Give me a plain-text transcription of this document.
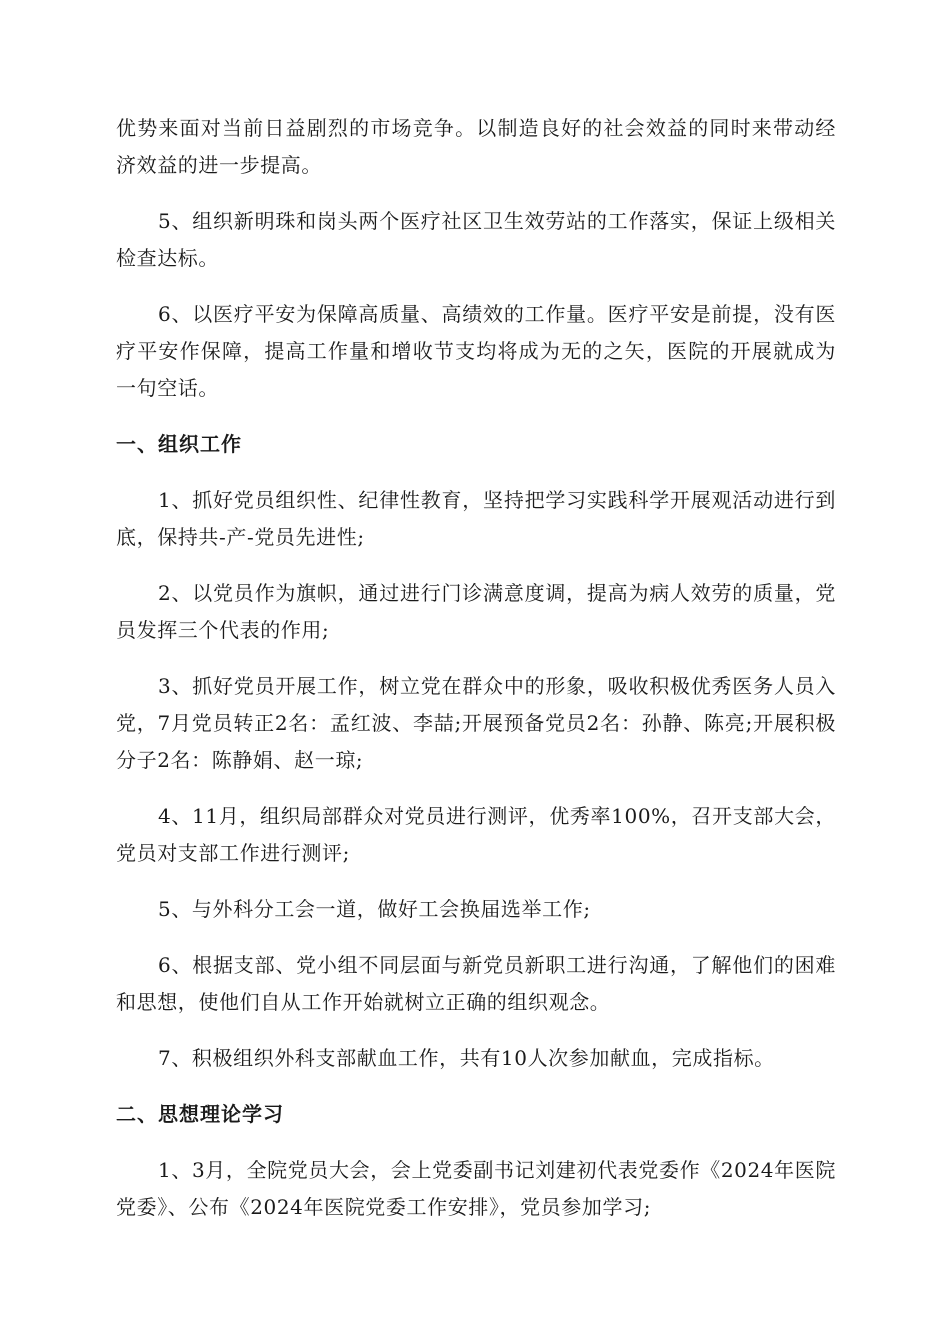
优势来面对当前日益剧烈的市场竞争。以制造良好的社会效益的同时来带动经济效益的进一步提高。

5、组织新明珠和岗头两个医疗社区卫生效劳站的工作落实，保证上级相关检查达标。

6、以医疗平安为保障高质量、高绩效的工作量。医疗平安是前提，没有医疗平安作保障，提高工作量和增收节支均将成为无的之矢，医院的开展就成为一句空话。

一、组织工作

1、抓好党员组织性、纪律性教育，坚持把学习实践科学开展观活动进行到底，保持共-产-党员先进性;

2、以党员作为旗帜，通过进行门诊满意度调，提高为病人效劳的质量，党员发挥三个代表的作用;

3、抓好党员开展工作，树立党在群众中的形象，吸收积极优秀医务人员入党，7月党员转正2名：孟红波、李喆;开展预备党员2名：孙静、陈亮;开展积极分子2名：陈静娟、赵一琼;

4、11月，组织局部群众对党员进行测评，优秀率100%，召开支部大会，党员对支部工作进行测评;

5、与外科分工会一道，做好工会换届选举工作;

6、根据支部、党小组不同层面与新党员新职工进行沟通，了解他们的困难和思想，使他们自从工作开始就树立正确的组织观念。

7、积极组织外科支部献血工作，共有10人次参加献血，完成指标。

二、思想理论学习

1、3月，全院党员大会，会上党委副书记刘建初代表党委作《2024年医院党委》、公布《2024年医院党委工作安排》，党员参加学习;
